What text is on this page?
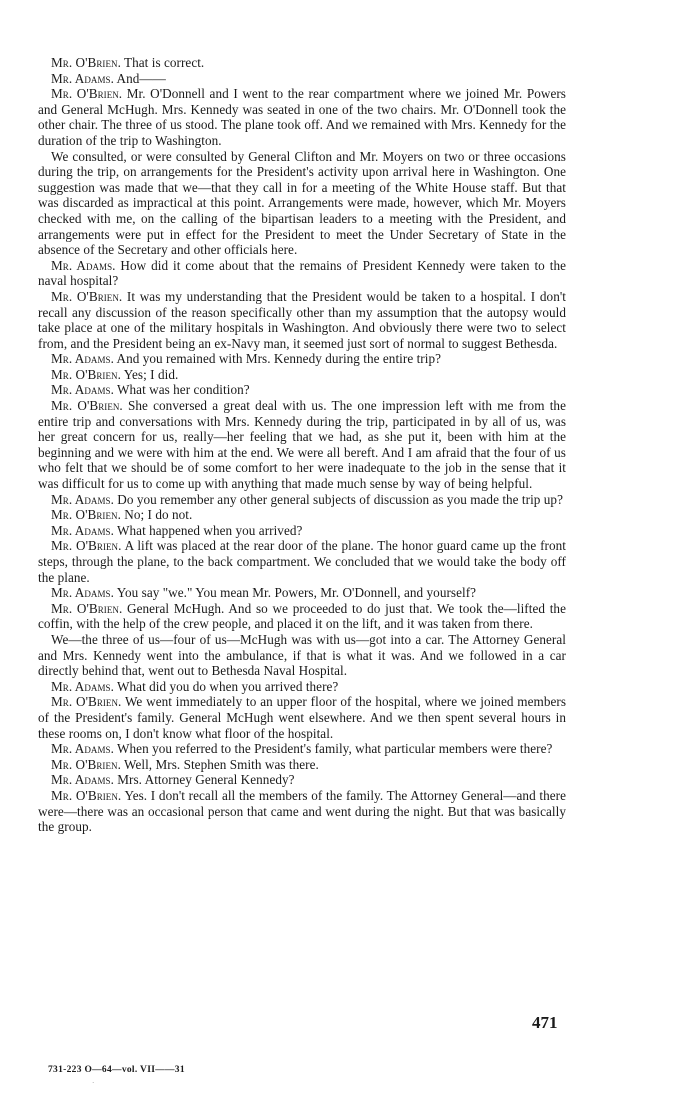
Mr. O'Brien. That is correct.

Mr. Adams. And——

Mr. O'Brien. Mr. O'Donnell and I went to the rear compartment where we joined Mr. Powers and General McHugh. Mrs. Kennedy was seated in one of the two chairs. Mr. O'Donnell took the other chair. The three of us stood. The plane took off. And we remained with Mrs. Kennedy for the duration of the trip to Washington.

We consulted, or were consulted by General Clifton and Mr. Moyers on two or three occasions during the trip, on arrangements for the President's activity upon arrival here in Washington. One suggestion was made that we—that they call in for a meeting of the White House staff. But that was discarded as impractical at this point. Arrangements were made, however, which Mr. Moyers checked with me, on the calling of the bipartisan leaders to a meeting with the President, and arrangements were put in effect for the President to meet the Under Secretary of State in the absence of the Secretary and other officials here.

Mr. Adams. How did it come about that the remains of President Kennedy were taken to the naval hospital?

Mr. O'Brien. It was my understanding that the President would be taken to a hospital. I don't recall any discussion of the reason specifically other than my assumption that the autopsy would take place at one of the military hospitals in Washington. And obviously there were two to select from, and the President being an ex-Navy man, it seemed just sort of normal to suggest Bethesda.

Mr. Adams. And you remained with Mrs. Kennedy during the entire trip?

Mr. O'Brien. Yes; I did.

Mr. Adams. What was her condition?

Mr. O'Brien. She conversed a great deal with us. The one impression left with me from the entire trip and conversations with Mrs. Kennedy during the trip, participated in by all of us, was her great concern for us, really—her feeling that we had, as she put it, been with him at the beginning and we were with him at the end. We were all bereft. And I am afraid that the four of us who felt that we should be of some comfort to her were inadequate to the job in the sense that it was difficult for us to come up with anything that made much sense by way of being helpful.

Mr. Adams. Do you remember any other general subjects of discussion as you made the trip up?

Mr. O'Brien. No; I do not.

Mr. Adams. What happened when you arrived?

Mr. O'Brien. A lift was placed at the rear door of the plane. The honor guard came up the front steps, through the plane, to the back compartment. We concluded that we would take the body off the plane.

Mr. Adams. You say "we." You mean Mr. Powers, Mr. O'Donnell, and yourself?

Mr. O'Brien. General McHugh. And so we proceeded to do just that. We took the—lifted the coffin, with the help of the crew people, and placed it on the lift, and it was taken from there.

We—the three of us—four of us—McHugh was with us—got into a car. The Attorney General and Mrs. Kennedy went into the ambulance, if that is what it was. And we followed in a car directly behind that, went out to Bethesda Naval Hospital.

Mr. Adams. What did you do when you arrived there?

Mr. O'Brien. We went immediately to an upper floor of the hospital, where we joined members of the President's family. General McHugh went elsewhere. And we then spent several hours in these rooms on, I don't know what floor of the hospital.

Mr. Adams. When you referred to the President's family, what particular members were there?

Mr. O'Brien. Well, Mrs. Stephen Smith was there.

Mr. Adams. Mrs. Attorney General Kennedy?

Mr. O'Brien. Yes. I don't recall all the members of the family. The Attorney General—and there were—there was an occasional person that came and went during the night. But that was basically the group.

471
731-223 O—64—vol. VII——31
·
